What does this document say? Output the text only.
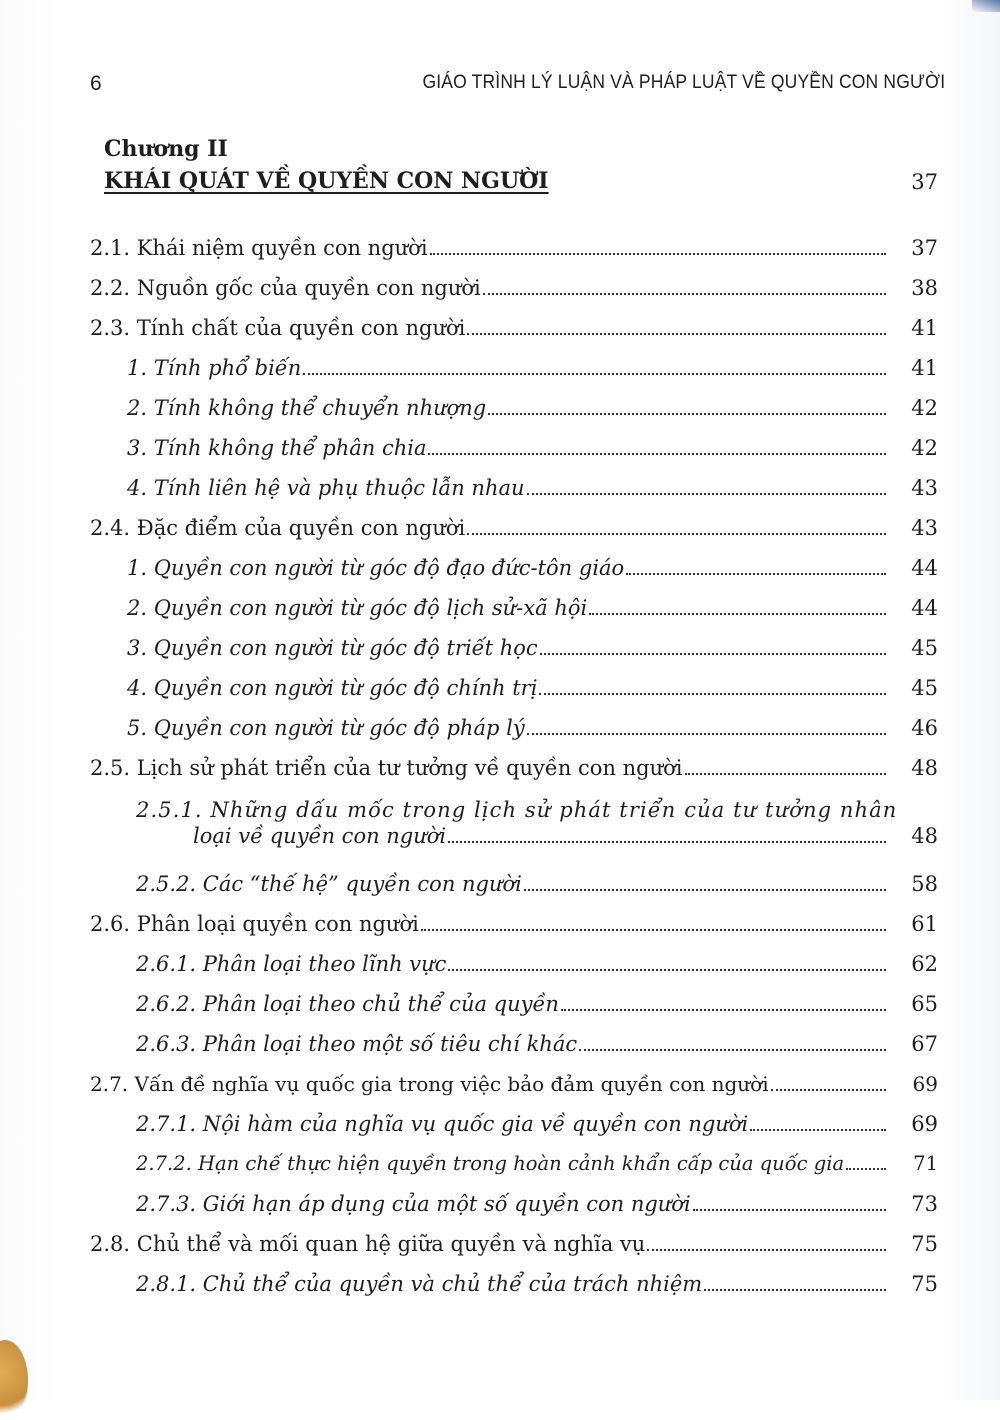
6	GIÁO TRÌNH LÝ LUẬN VÀ PHÁP LUẬT VỀ QUYỀN CON NGƯỜI
Chương II
KHÁI QUÁT VỀ QUYỀN CON NGƯỜI	37
2.1. Khái niệm quyền con người	37
2.2. Nguồn gốc của quyền con người	38
2.3. Tính chất của quyền con người	41
1. Tính phổ biến	41
2. Tính không thể chuyển nhượng	42
3. Tính không thể phân chia	42
4. Tính liên hệ và phụ thuộc lẫn nhau	43
2.4. Đặc điểm của quyền con người	43
1. Quyền con người từ góc độ đạo đức-tôn giáo	44
2. Quyền con người từ góc độ lịch sử-xã hội	44
3. Quyền con người từ góc độ triết học	45
4. Quyền con người từ góc độ chính trị	45
5. Quyền con người từ góc độ pháp lý	46
2.5. Lịch sử phát triển của tư tưởng về quyền con người	48
2.5.1. Những dấu mốc trong lịch sử phát triển của tư tưởng nhân
loại về quyền con người	48
2.5.2. Các “thế hệ” quyền con người	58
2.6. Phân loại quyền con người	61
2.6.1. Phân loại theo lĩnh vực	62
2.6.2. Phân loại theo chủ thể của quyền	65
2.6.3. Phân loại theo một số tiêu chí khác	67
2.7. Vấn đề nghĩa vụ quốc gia trong việc bảo đảm quyền con người	69
2.7.1. Nội hàm của nghĩa vụ quốc gia về quyền con người	69
2.7.2. Hạn chế thực hiện quyền trong hoàn cảnh khẩn cấp của quốc gia	71
2.7.3. Giới hạn áp dụng của một số quyền con người	73
2.8. Chủ thể và mối quan hệ giữa quyền và nghĩa vụ	75
2.8.1. Chủ thể của quyền và chủ thể của trách nhiệm	75
